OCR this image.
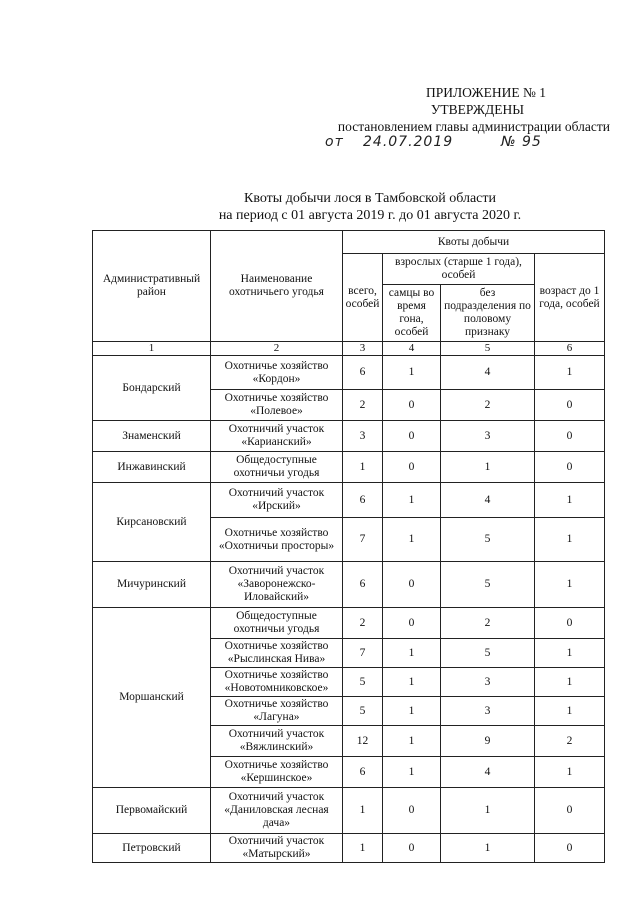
ПРИЛОЖЕНИЕ № 1
УТВЕРЖДЕНЫ
постановлением главы администрации области
от 24.07.2019	№ 95
Квоты добычи лося в Тамбовской области
на период с 01 августа 2019 г. до 01 августа 2020 г.
Административный район	Наименование охотничьего угодья	Квоты добычи			
		всего, особей	взрослых (старше 1 года), особей		возраст до 1 года, особей
			самцы во время гона, особей	без подразделения по половому признаку	
1	2	3	4	5	6
Бондарский	Охотничье хозяйство «Кордон»	6	1	4	1
	Охотничье хозяйство «Полевое»	2	0	2	0
Знаменский	Охотничий участок «Карианский»	3	0	3	0
Инжавинский	Общедоступные охотничьи угодья	1	0	1	0
Кирсановский	Охотничий участок «Ирский»	6	1	4	1
	Охотничье хозяйство «Охотничьи просторы»	7	1	5	1
Мичуринский	Охотничий участок «Заворонежско-Иловайский»	6	0	5	1
Моршанский	Общедоступные охотничьи угодья	2	0	2	0
	Охотничье хозяйство «Рыслинская Нива»	7	1	5	1
	Охотничье хозяйство «Новотомниковское»	5	1	3	1
	Охотничье хозяйство «Лагуна»	5	1	3	1
	Охотничий участок «Вяжлинский»	12	1	9	2
	Охотничье хозяйство «Кершинское»	6	1	4	1
Первомайский	Охотничий участок «Даниловская лесная дача»	1	0	1	0
Петровский	Охотничий участок «Матырский»	1	0	1	0
